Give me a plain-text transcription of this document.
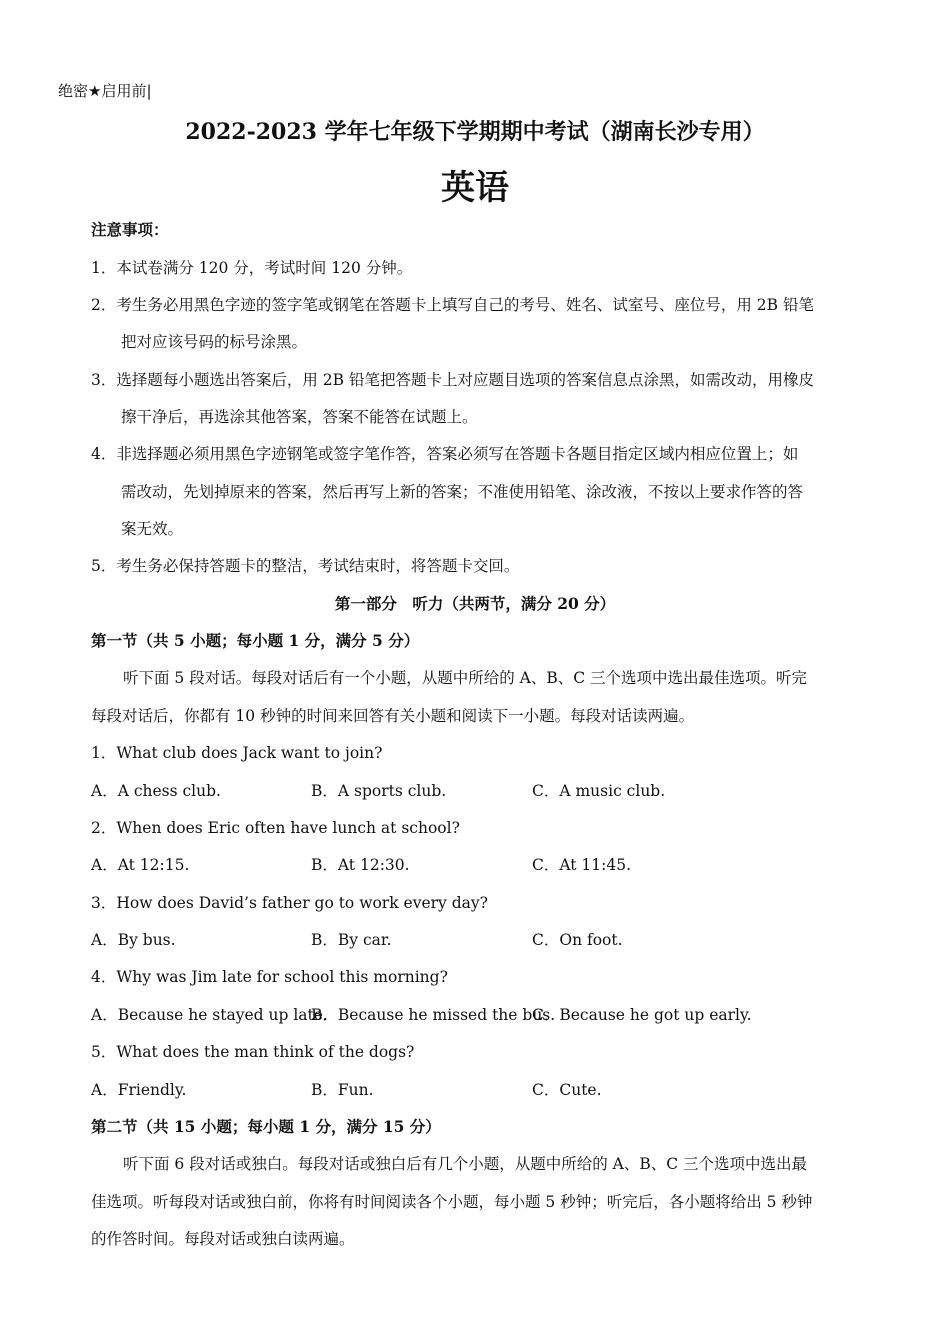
绝密★启用前|
2022-2023 学年七年级下学期期中考试（湖南长沙专用）
英语
注意事项：
1．本试卷满分 120 分，考试时间 120 分钟。
2．考生务必用黑色字迹的签字笔或钢笔在答题卡上填写自己的考号、姓名、试室号、座位号，用 2B 铅笔
把对应该号码的标号涂黑。
3．选择题每小题选出答案后，用 2B 铅笔把答题卡上对应题目选项的答案信息点涂黑，如需改动，用橡皮
擦干净后，再选涂其他答案，答案不能答在试题上。
4．非选择题必须用黑色字迹钢笔或签字笔作答，答案必须写在答题卡各题目指定区域内相应位置上；如
需改动，先划掉原来的答案，然后再写上新的答案；不准使用铅笔、涂改液，不按以上要求作答的答
案无效。
5．考生务必保持答题卡的整洁，考试结束时，将答题卡交回。
第一部分　听力（共两节，满分 20 分）
第一节（共 5 小题；每小题 1 分，满分 5 分）
听下面 5 段对话。每段对话后有一个小题，从题中所给的 A、B、C 三个选项中选出最佳选项。听完
每段对话后，你都有 10 秒钟的时间来回答有关小题和阅读下一小题。每段对话读两遍。
1．What club does Jack want to join?
A．A chess club.	B．A sports club.	C．A music club.
2．When does Eric often have lunch at school?
A．At 12:15.	B．At 12:30.	C．At 11:45.
3．How does David’s father go to work every day?
A．By bus.	B．By car.	C．On foot.
4．Why was Jim late for school this morning?
A．Because he stayed up late.
B．Because he missed the bus.
C．Because he got up early.
5．What does the man think of the dogs?
A．Friendly.	B．Fun.	C．Cute.
第二节（共 15 小题；每小题 1 分，满分 15 分）
听下面 6 段对话或独白。每段对话或独白后有几个小题，从题中所给的 A、B、C 三个选项中选出最
佳选项。听每段对话或独白前，你将有时间阅读各个小题，每小题 5 秒钟；听完后，各小题将给出 5 秒钟
的作答时间。每段对话或独白读两遍。
